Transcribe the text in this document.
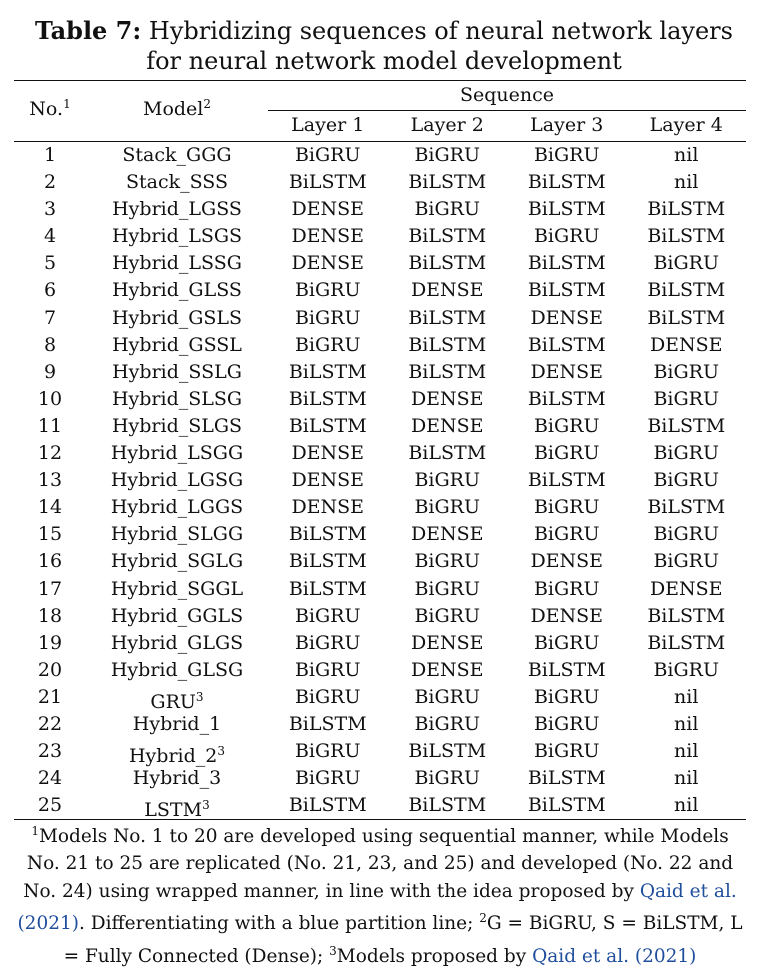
Table 7: Hybridizing sequences of neural network layers
for neural network model development
No.$^1$	Model$^2$	Sequence
Layer 1	Layer 2	Layer 3	Layer 4
1	Stack_GGG	BiGRU	BiGRU	BiGRU	nil
2	Stack_SSS	BiLSTM	BiLSTM	BiLSTM	nil
3	Hybrid_LGSS	DENSE	BiGRU	BiLSTM	BiLSTM
4	Hybrid_LSGS	DENSE	BiLSTM	BiGRU	BiLSTM
5	Hybrid_LSSG	DENSE	BiLSTM	BiLSTM	BiGRU
6	Hybrid_GLSS	BiGRU	DENSE	BiLSTM	BiLSTM
7	Hybrid_GSLS	BiGRU	BiLSTM	DENSE	BiLSTM
8	Hybrid_GSSL	BiGRU	BiLSTM	BiLSTM	DENSE
9	Hybrid_SSLG	BiLSTM	BiLSTM	DENSE	BiGRU
10	Hybrid_SLSG	BiLSTM	DENSE	BiLSTM	BiGRU
11	Hybrid_SLGS	BiLSTM	DENSE	BiGRU	BiLSTM
12	Hybrid_LSGG	DENSE	BiLSTM	BiGRU	BiGRU
13	Hybrid_LGSG	DENSE	BiGRU	BiLSTM	BiGRU
14	Hybrid_LGGS	DENSE	BiGRU	BiGRU	BiLSTM
15	Hybrid_SLGG	BiLSTM	DENSE	BiGRU	BiGRU
16	Hybrid_SGLG	BiLSTM	BiGRU	DENSE	BiGRU
17	Hybrid_SGGL	BiLSTM	BiGRU	BiGRU	DENSE
18	Hybrid_GGLS	BiGRU	BiGRU	DENSE	BiLSTM
19	Hybrid_GLGS	BiGRU	DENSE	BiGRU	BiLSTM
20	Hybrid_GLSG	BiGRU	DENSE	BiLSTM	BiGRU
21	GRU$^3$	BiGRU	BiGRU	BiGRU	nil
22	Hybrid_1	BiLSTM	BiGRU	BiGRU	nil
23	$Hybrid\_2^3$	BiGRU	BiLSTM	BiGRU	nil
24	Hybrid_3	BiGRU	BiGRU	BiLSTM	nil
25	LSTM$^3$	BiLSTM	BiLSTM	BiLSTM	nil
$^1$Models No. 1 to 20 are developed using sequential manner, while Models No. 21 to 25 are replicated (No. 21, 23, and 25) and developed (No. 22 and No. 24) using wrapped manner, in line with the idea proposed by Qaid et al. (2021). Differentiating with a blue partition line; $^2$G = BiGRU, S = BiLSTM, L = Fully Connected (Dense); $^3$Models proposed by Qaid et al. (2021)
